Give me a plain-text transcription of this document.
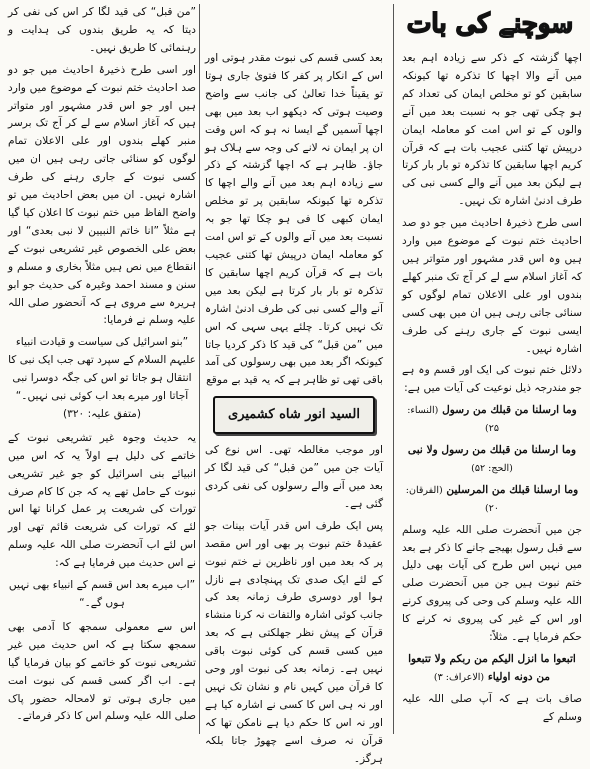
سوچنے کی بات

اچھا گزشتہ کے ذکر سے زیادہ اہم بعد میں آنے والا اچھا کا تذکرہ تھا کیونکہ سابقین کو تو مخلص ایمان کی تعداد کم ہو چکی تھی جو بہ نسبت بعد میں آنے والوں کے تو اس امت کو معاملہ ایمان درپیش تھا کتنی عجیب بات ہے کہ قرآن کریم اچھا سابقین کا تذکرہ تو بار بار کرتا ہے لیکن بعد میں آنے والے کسی نبی کی طرف ادنیٰ اشارہ تک نہیں۔

اسی طرح ذخیرۂ احادیث میں جو دو صد احادیث ختم نبوت کے موضوع میں وارد ہیں وہ اس قدر مشہور اور متواتر ہیں کہ آغاز اسلام سے لے کر آج تک منبر کھلے بندوں اور علی الاعلان تمام لوگوں کو سنائی جاتی رہی ہیں ان میں بھی کسی ایسی نبوت کے جاری رہنے کی طرف اشارہ نہیں۔

دلائل ختم نبوت کی ایک اور قسم وہ ہے جو مندرجہ ذیل نوعیت کی آیات میں ہے:

وما ارسلنا من قبلك من رسول (النساء: ۲۵)
وما ارسلنا من قبلك من رسول ولا نبی (الحج: ۵۲)
وما ارسلنا قبلك من المرسلين (الفرقان: ۲۰)

جن میں آنحضرت صلی اللہ علیہ وسلم سے قبل رسول بھیجے جانے کا ذکر ہے بعد میں نہیں اس طرح کی آیات بھی دلیل ختم نبوت ہیں جن میں آنحضرت صلی اللہ علیہ وسلم کی وحی کی پیروی کرنے اور اس کے غیر کی پیروی نہ کرنے کا حکم فرمایا ہے۔ مثلاً:

اتبعوا ما انزل اليكم من ربكم ولا تتبعوا من دونه اولياء (الاعراف: ۳)

صاف بات ہے کہ آپ صلی اللہ علیہ وسلم کے

بعد کسی قسم کی نبوت مقدر ہوتی اور اس کے انکار پر کفر کا فتویٰ جاری ہوتا تو یقیناً خدا تعالیٰ کی جانب سے واضح وصیت ہوتی کہ دیکھو اب بعد میں بھی اچھا آسمیں گے ایسا نہ ہو کہ اس وقت ان پر ایمان نہ لانے کی وجہ سے ہلاک ہو جاؤ۔ ظاہر ہے کہ اچھا گزشتہ کے ذکر سے زیادہ اہم بعد میں آنے والے اچھا کا تذکرہ تھا کیونکہ سابقین پر تو مخلص ایمان کبھی کا فی ہو چکا تھا جو بہ نسبت بعد میں آنے والوں کے تو اس امت کو معاملہ ایمان درپیش تھا کتنی عجیب بات ہے کہ قرآن کریم اچھا سابقین کا تذکرہ تو بار بار کرتا ہے لیکن بعد میں آنے والے کسی نبی کی طرف ادنیٰ اشارہ تک نہیں کرتا۔ چلئے یہی سہی کہ اس میں ”من قبل“ کی قید کا ذکر کردیا جاتا کیونکہ اگر بعد میں بھی رسولوں کی آمد باقی تھی تو ظاہر ہے کہ یہ قید بے موقع

السيد انور شاه کشميری

اور موجب مغالطہ تھی۔ اس نوع کی آیات جن میں ”من قبل“ کی قید لگا کر بعد میں آنے والے رسولوں کی نفی کردی گئی ہے۔

پس ایک طرف اس قدر آیات بینات جو عقیدۂ ختم نبوت پر بھی اور اس مقصد پر کہ بعد میں اور ناظرین نے ختم نبوت کے لئے ایک صدی تک پہنچادی ہے نازل ہوا اور دوسری طرف زمانہ بعد کی جانب کوئی اشارہ والتفات نہ کرنا منشاء قرآن کے پیش نظر جھلکتی ہے کہ بعد میں کسی قسم کی کوئی نبوت باقی نہیں ہے۔ زمانہ بعد کی نبوت اور وحی کا قرآن میں کہیں نام و نشان تک نہیں اور نہ ہی اس کا کسی نے اشارہ کیا ہے اور نہ اس کا حکم دیا ہے نامکن تھا کہ قرآن نہ صرف اسے چھوڑ جاتا بلکہ ہرگز۔

”من قبل“ کی قید لگا کر اس کی نفی کر دیتا کہ یہ طریق بندوں کی ہدایت و رہنمائی کا طریق نہیں۔

اور اسی طرح ذخیرۂ احادیث میں جو دو صد احادیث ختم نبوت کے موضوع میں وارد ہیں اور جو اس قدر مشہور اور متواتر ہیں کہ آغاز اسلام سے لے کر آج تک برسر منبر کھلے بندوں اور علی الاعلان تمام لوگوں کو سنائی جاتی رہی ہیں ان میں کسی نبوت کے جاری رہنے کی طرف اشارہ نہیں۔ ان میں بعض احادیث میں تو واضح الفاظ میں ختم نبوت کا اعلان کیا گیا ہے مثلاً ”انا خاتم النبيين لا نبی بعدی“ اور بعض علی الخصوص غیر تشریعی نبوت کے انقطاع میں نص ہیں مثلاً بخاری و مسلم و سنن و مسند احمد وغیرہ کی حدیث جو ابو ہریرہ سے مروی ہے کہ آنحضور صلی اللہ علیہ وسلم نے فرمایا:

”بنو اسرائیل کی سیاست و قیادت انبیاء علیہم السلام کے سپرد تھی جب ایک نبی کا انتقال ہو جاتا تو اس کی جگہ دوسرا نبی آجاتا اور میرے بعد اب کوئی نبی نہیں۔“ (متفق علیہ: ۳۲۰)

یہ حدیث وجوہ غیر تشریعی نبوت کے خاتمے کی دلیل ہے اولاً یہ کہ اس میں انبیائے بنی اسرائیل کو جو غیر تشریعی نبوت کے حامل تھے یہ کہ جن کا کام صرف تورات کی شریعت پر عمل کرانا تھا اس لئے کہ تورات کی شریعت قائم تھی اور اس لئے اب آنحضرت صلی اللہ علیہ وسلم نے اس حدیث میں فرمایا ہے کہ:

”اب میرے بعد اس قسم کے انبیاء بھی نہیں ہوں گے۔“

اس سے معمولی سمجھ کا آدمی بھی سمجھ سکتا ہے کہ اس حدیث میں غیر تشریعی نبوت کو خاتمے کو بیان فرمایا گیا ہے۔ اب اگر کسی قسم کی نبوت امت میں جاری ہوتی تو لامحالہ حضور پاک صلی اللہ علیہ وسلم اس کا ذکر فرماتے۔
